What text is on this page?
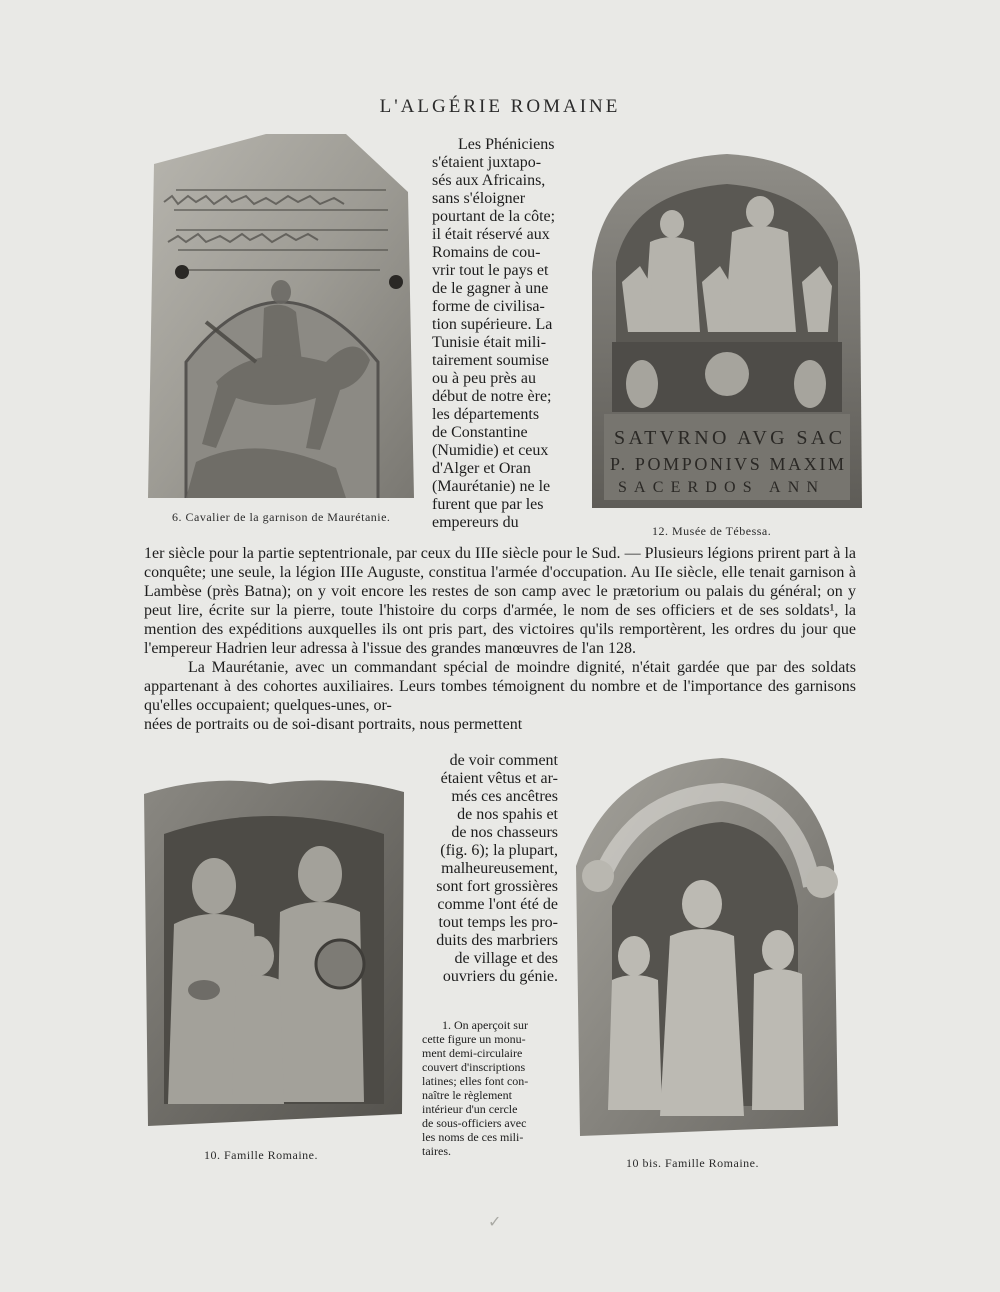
L'ALGÉRIE ROMAINE
6. Cavalier de la garnison de Maurétanie.
SATVRNO AVG SAC
P. POMPONIVS MAXIM
SACERDOS ANN
12. Musée de Tébessa.
Les Phéniciens
s'étaient juxtapo-
sés aux Africains,
sans s'éloigner
pourtant de la côte;
il était réservé aux
Romains de cou-
vrir tout le pays et
de le gagner à une
forme de civilisa-
tion supérieure. La
Tunisie était mili-
tairement soumise
ou à peu près au
début de notre ère;
les départements
de Constantine
(Numidie) et ceux
d'Alger et Oran
(Maurétanie) ne le
furent que par les
empereurs du

1er siècle pour la partie septentrionale, par ceux du IIIe siècle pour le Sud. — Plusieurs légions prirent part à la conquête; une seule, la légion IIIe Auguste, constitua l'armée d'occupation. Au IIe siècle, elle tenait garnison à Lambèse (près Batna); on y voit encore les restes de son camp avec le prætorium ou palais du général; on y peut lire, écrite sur la pierre, toute l'histoire du corps d'armée, le nom de ses officiers et de ses soldats¹, la mention des expéditions auxquelles ils ont pris part, des victoires qu'ils remportèrent, les ordres du jour que l'empereur Hadrien leur adressa à l'issue des grandes manœuvres de l'an 128.

La Maurétanie, avec un commandant spécial de moindre dignité, n'était gardée que par des soldats appartenant à des cohortes auxiliaires. Leurs tombes témoignent du nombre et de l'importance des garnisons qu'elles occupaient; quelques-unes, or-

nées de portraits ou de soi-disant portraits, nous permettent

10. Famille Romaine.
de voir comment
étaient vêtus et ar-
més ces ancêtres
de nos spahis et
de nos chasseurs
(fig. 6); la plupart,
malheureusement,
sont fort grossières
comme l'ont été de
tout temps les pro-
duits des marbriers
de village et des
ouvriers du génie.
1. On aperçoit sur
cette figure un monu-
ment demi-circulaire
couvert d'inscriptions
latines; elles font con-
naître le règlement
intérieur d'un cercle
de sous-officiers avec
les noms de ces mili-
taires.
10 bis. Famille Romaine.
✓
